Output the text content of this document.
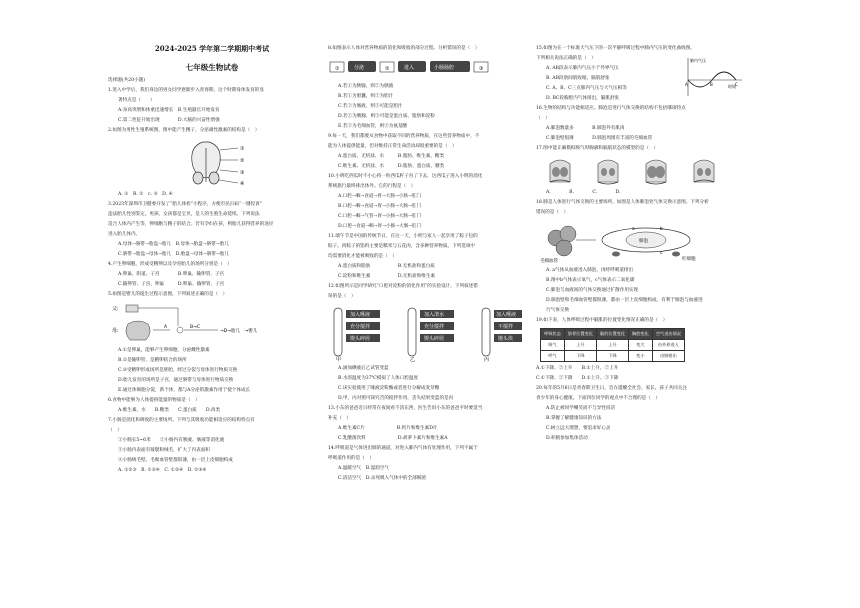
2024-2025 学年第二学期期中考试
七年级生物试卷
选择题(共20小题)
1.进入中学后，我们身边的男女同学逐渐步入青春期，这个时期身体发育的显
著特点是（　　）
A.身高突增和体重迅速增长　B.生殖器官开始发育
C.第二性征开始出现　　　　D.大脑的兴奋性增强
2.如图为男性生殖系统图，图中能产生精子，分泌雄性激素的结构是（　）
①
②
③
④
A. ①　B. ②　c. ③　D. ④
3.2023年深圳市卫健委开发了“胎儿体检”小程序，方便市民扫码“一键投诉”
违法胎儿性别鉴定。男孩、女孩都是宝贝，是人的生殖生命延续。下列说法
适合人体内产生等，卵细胞与精子的结合。若有孕妇在孩，则胎儿获得营养的途径
进入胎儿体内。
A.母体→脐带→胎盘→胎儿　B.母体→胎盘→脐带→胎儿
C.脐带→胎盘→母体→胎儿　D.胎盘→母体→脐带→胎儿
4.产生卵细胞、形成受精卵以及孕育胎儿的场所分别是（　）
A.卵巢、阴道、子宫　　　　B.卵巢、输卵管、子宫
C.输卵管、子宫、卵巢　　　D.卵巢、输卵管、子宫
5.如图是婴儿的诞生过程示意图，下列叙述正确的是（　）
父:
母:
B→C
→D→胎儿　→婴儿
A
A.①是卵巢，能够产生卵细胞，分泌雌性激素
B.②是输卵管，是精卵结合的场所
C.③受精卵形成场所是胚胎，经过分裂与母体进行物质交换
D.胎儿发育的场所是子宫，通过脐带与母体进行物质交换
E.通过体细胞分裂，新个体，都与A分泌的激素作用于使个体成长
6.食物中能够为人体提供能量的物质是（　）
A.维生素、水　　B.糖类　　C.蛋白质　　D.肉类
7.小肠是消化和吸收的主要场所。下列与其吸收功能相适应的结构特点有
（　）
①小肠长5~6米　　②小肠内有胰液、肠液等消化液
③小肠内表面有皱襞和绒毛，扩大了内表面积
④小肠绒毛壁、毛细血管壁都很薄，由一层上皮细胞构成
A. ①②③　B. ①③④　C. ①③④　D. ②③④
8.如图表示人体对营养物质的消化和吸收的部分过程。分析错误的是（　）
①	分泌	②	进入	小肠肠腔	③
A.若①为胰腺，则②为胰液
B.若①为胆囊，则②为胆汁
C.若②为肠液，则③可能是胆汁
D.若①为胰腺，则③可能是蛋白质、脂肪和淀粉
E.若②为毛细血管，则③为氨基酸
9.每一天，我们都要从食物中获取不同的营养物质，在这些营养物质中，不
能为人体提供能量，但对维持正常生命活动却很重要的是（　）
A.蛋白质、无机盐、水　　　B.脂肪、维生素、糖类
C.维生素、无机盐、水　　　D.脂肪、蛋白质、糖类
10.小明吃西瓜时不小心将一粒西瓜籽子吞了下去，这西瓜子进入小明的消化
系统旅行最终排出体外。它的行程是（　）
A.口腔→咽→食道→胃→大肠→小肠→肛门
B.口腔→咽→食道→胃→小肠→大肠→肛门
C.口腔→咽→气管→胃→小肠→大肠→肛门
D.口腔→食道→咽→胃→小肠→大肠→肛门
11.端午节是中国的传统节日，在这一天，小明与家人一起享用了粽子包的
粽子。肉粽子的馅料主要是糯米与五花肉，含多种营养物质。下列选项中
均需要消化才能被吸收的是（　）
A.蛋白质和脂肪　　　　　　B.无机盐和蛋白质
C.淀粉和维生素　　　　　　D.无机盐和维生素
12.如图所示是同学研究“口腔对淀粉的消化作用”的实验设计，下列叙述错
误的是（　）
加入唾液	加入清水	加入唾液
充分搅拌	充分搅拌	不搅拌
馒头碎屑	馒头碎屑	馒头块
甲	乙	丙
A.滴加碘液后乙试管变蓝
B.水浴温度为37℃模拟了人体口腔温度
C.该实验使用了唾液淀粉酶或者进行分解成麦芽糖
D.甲、丙对照可探究舌的搅拌作用，丢失结果变蓝的是丙
13.小东的爸爸近日经常在夜间看不清东西，医生告诉小东的爸爸平时要适当
补充（　）
A.维生素C片　　　　　　　B.钙片和维生素D片
C.乳酸菌饮料　　　　　　　D.胡萝卜素片和维生素A
14.呼吸道是气体进出肺的通道，对进入肺内气体有处理作用，下列不属于
呼吸道作用的是（　）
A.温暖空气　B.湿润空气
C.清洁空气　D.杀死吸入气体中的全部细菌
15.如图为在一个标准大气压下的一次平静呼吸过程中肺内气压的变化曲线图。
下列相关说法正确的是（　）
A. AB段表示肺内气压小于外界气压
B. AB段肋间肌收缩，膈肌舒张
C. A、B、C三点肺内气压与大气压相等
D. BC段胸腔内气体排出，膈肌舒张
肺内气压
时间
A	B	C
16.生物的结构与功能相适应。肺泡是进行气体交换的结构不包括哪项特点
（　）
A.肺泡数量多　　　　B.肺泡外有肌肉
C.肺泡壁很薄　　　　D.肺泡周围有丰富的毛细血管
17.图中能正确模拟吸气时胸廓和膈肌状态的模型的是（　）
A.　　　　B.　　　　C.　　　　D.
18.肺是人体进行气体交换的主要场所，如图是人体肺泡处气体交换示意图。下列分析
错误的是（　）
毛细血管
肺泡
红细胞
a	b
c
A. a气体从血液进入肺泡，再经呼吸道排出
B.图中b气体表示氧气，c气体表示二氧化碳
C.肺泡与血液间的气体交换通过扩散作用实现
D.肺泡壁和毛细血管壁都很薄，都由一层上皮细胞构成，有利于肺泡与血液进
行气体交换
19.如下表，人体呼吸过程中膈肌的位置变化情况正确的是（　）
呼吸状态	肋骨位置变化	膈的位置变化	胸腔变化	空气进出情况
吸气	上升	上升	变大	由外界进入
呼气	下降	下降	变小	由肺排出
A.①下降、②上升　　B.①上升、②上升
C.①下降、②下降　　D.①上升、②下降
20.每年的5月6日是青春期卫生日，旨在提醒全社会、家长、孩子共同关注
青少年的身心健康。下面四位同学的观点中不合理的是（　）
A.防止被同学嘲笑而不与异性说话
B.掌握了解健康知识的方法
C.树立远大理想，要追求好心灵
D.积极参加集体活动
